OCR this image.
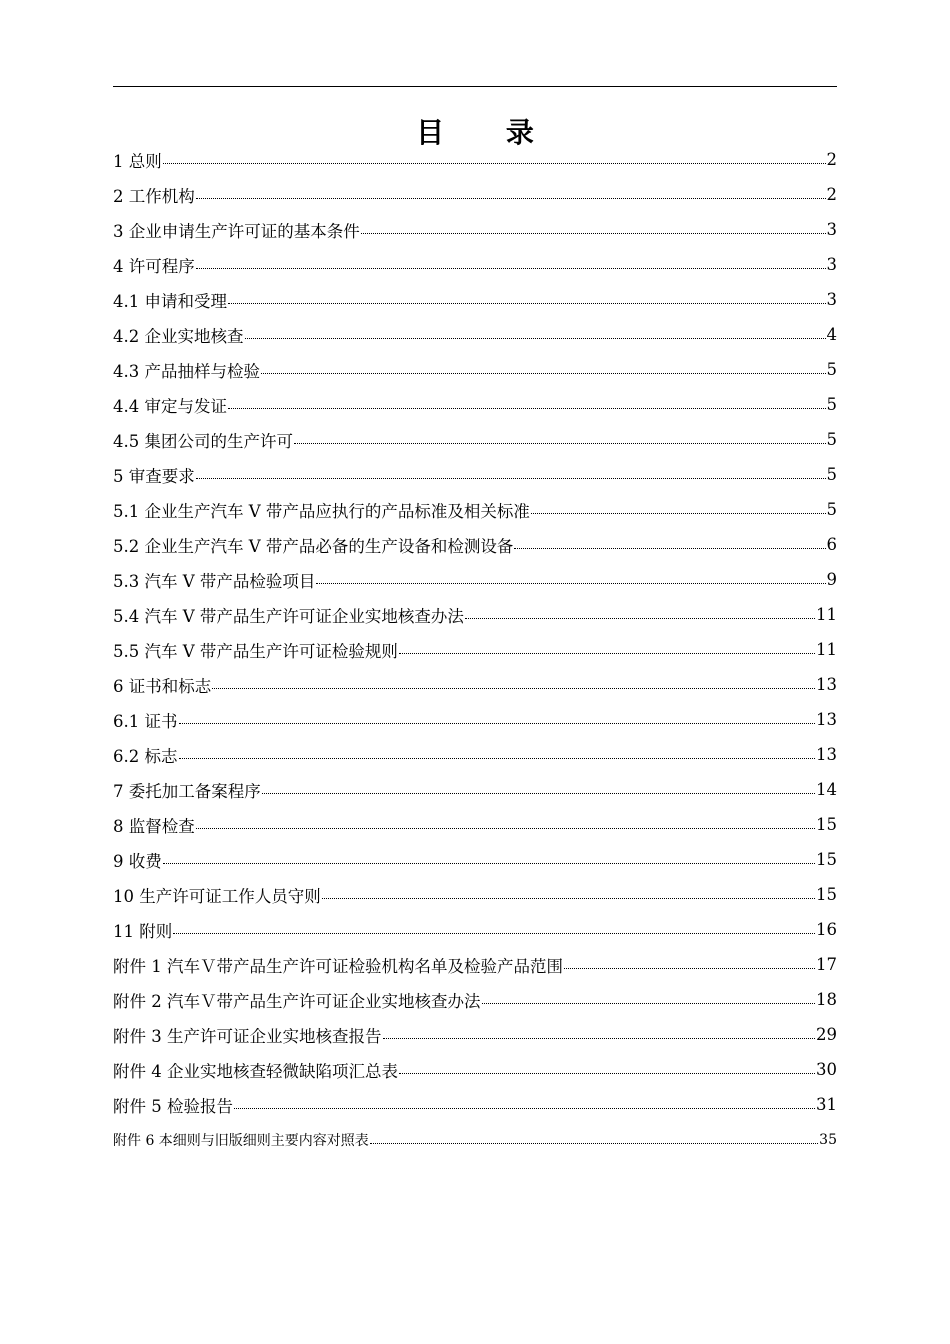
目 录
1 总则	2
2 工作机构	2
3 企业申请生产许可证的基本条件	3
4 许可程序	3
4.1 申请和受理	3
4.2 企业实地核查	4
4.3 产品抽样与检验	5
4.4 审定与发证	5
4.5 集团公司的生产许可	5
5 审查要求	5
5.1 企业生产汽车 V 带产品应执行的产品标准及相关标准	5
5.2 企业生产汽车 V 带产品必备的生产设备和检测设备	6
5.3 汽车 V 带产品检验项目	9
5.4 汽车 V 带产品生产许可证企业实地核查办法	11
5.5 汽车 V 带产品生产许可证检验规则	11
6 证书和标志	13
6.1 证书	13
6.2 标志	13
7 委托加工备案程序	14
8 监督检查	15
9 收费	15
10 生产许可证工作人员守则	15
11 附则	16
附件 1 汽车Ｖ带产品生产许可证检验机构名单及检验产品范围	17
附件 2 汽车Ｖ带产品生产许可证企业实地核查办法	18
附件 3 生产许可证企业实地核查报告	29
附件 4 企业实地核查轻微缺陷项汇总表	30
附件 5 检验报告	31
附件 6 本细则与旧版细则主要内容对照表	35
